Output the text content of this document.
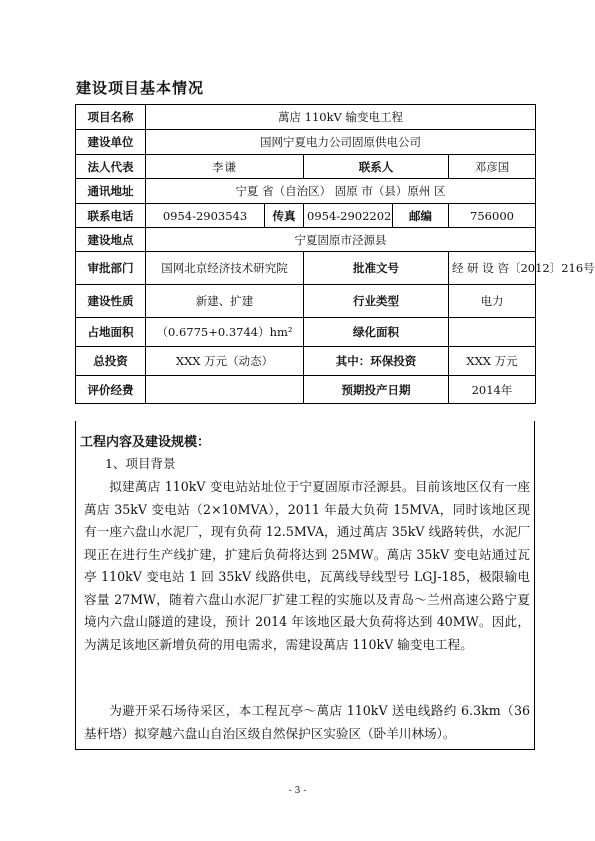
建设项目基本情况
项目名称	萬店 110kV 输变电工程				
建设单位	国网宁夏电力公司固原供电公司				
法人代表	李谦		联系人		邓彦国
通讯地址	宁夏 省（自治区） 固原 市（县）原州 区				
联系电话	0954-2903543	传真	0954-2902202	邮编	756000
建设地点	宁夏固原市泾源县				
审批部门	国网北京经济技术研究院		批准文号		经 研 设 咨〔2012〕216号
建设性质	新建、扩建		行业类型		电力
占地面积	（0.6775+0.3744）hm²		绿化面积		
总投资	XXX 万元（动态）		其中：环保投资		XXX 万元
评价经费			预期投产日期		2014年
工程内容及建设规模：
1、项目背景

拟建萬店 110kV 变电站站址位于宁夏固原市泾源县。目前该地区仅有一座萬店 35kV 变电站（2×10MVA），2011 年最大负荷 15MVA，同时该地区现有一座六盘山水泥厂，现有负荷 12.5MVA，通过萬店 35kV 线路转供，水泥厂现正在进行生产线扩建，扩建后负荷将达到 25MW。萬店 35kV 变电站通过瓦亭 110kV 变电站 1 回 35kV 线路供电，瓦萬线导线型号 LGJ-185，极限输电容量 27MW，随着六盘山水泥厂扩建工程的实施以及青岛～兰州高速公路宁夏境内六盘山隧道的建设，预计 2014 年该地区最大负荷将达到 40MW。因此，为满足该地区新增负荷的用电需求，需建设萬店 110kV 输变电工程。

为避开采石场待采区，本工程瓦亭～萬店 110kV 送电线路约 6.3km（36 基杆塔）拟穿越六盘山自治区级自然保护区实验区（卧羊川林场）。

- 3 -
